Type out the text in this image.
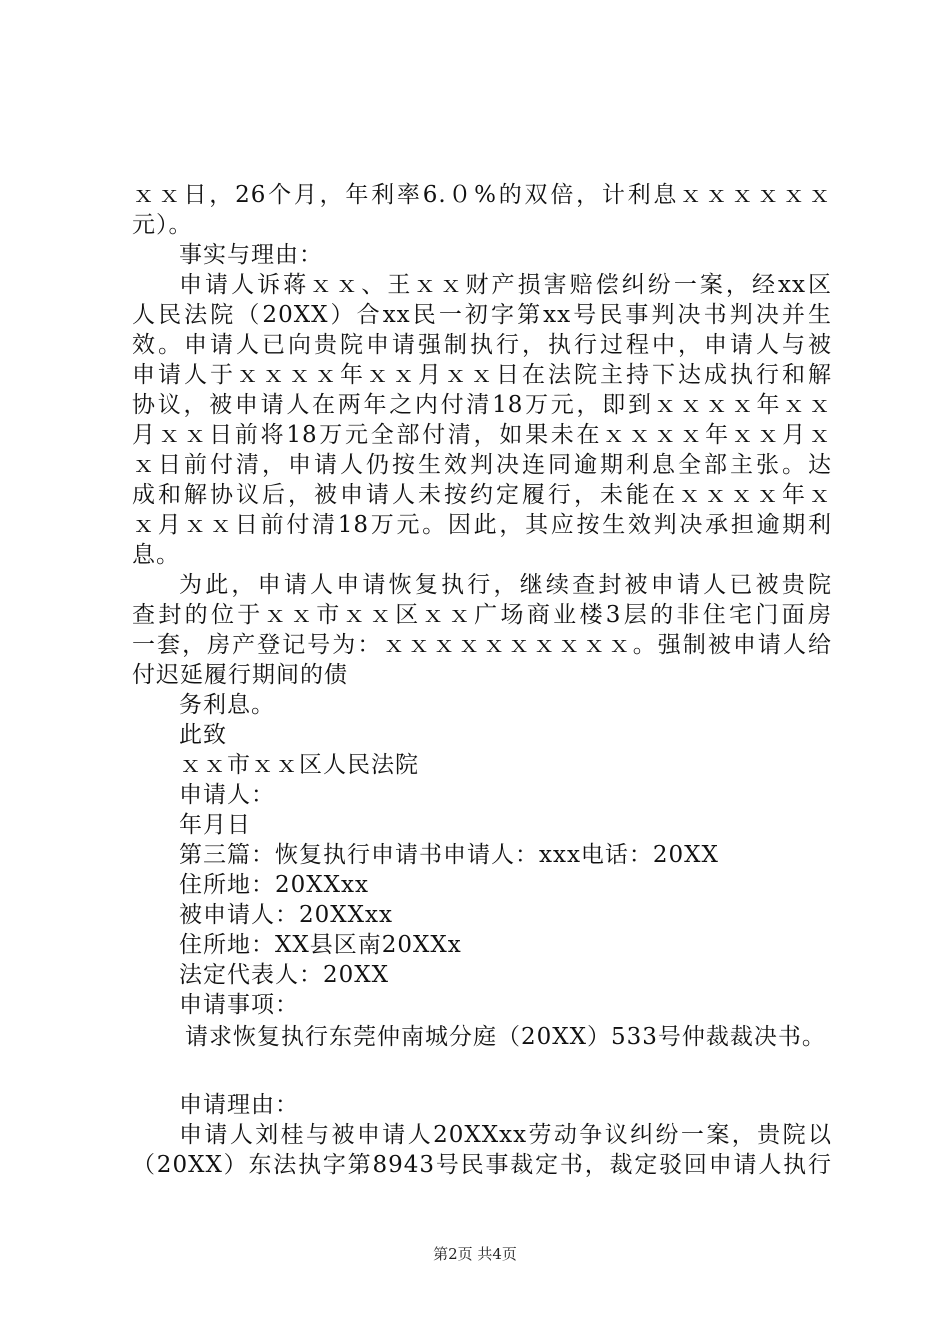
ｘｘ日，26个月，年利率6.０%的双倍，计利息ｘｘｘｘｘｘ
元）。
事实与理由：
申请人诉蒋ｘｘ、王ｘｘ财产损害赔偿纠纷一案，经xx区
人民法院（20XX）合xx民一初字第xx号民事判决书判决并生
效。申请人已向贵院申请强制执行，执行过程中，申请人与被
申请人于ｘｘｘｘ年ｘｘ月ｘｘ日在法院主持下达成执行和解
协议，被申请人在两年之内付清18万元，即到ｘｘｘｘ年ｘｘ
月ｘｘ日前将18万元全部付清，如果未在ｘｘｘｘ年ｘｘ月ｘ
ｘ日前付清，申请人仍按生效判决连同逾期利息全部主张。达
成和解协议后，被申请人未按约定履行，未能在ｘｘｘｘ年ｘ
ｘ月ｘｘ日前付清18万元。因此，其应按生效判决承担逾期利
息。
为此，申请人申请恢复执行，继续查封被申请人已被贵院
查封的位于ｘｘ市ｘｘ区ｘｘ广场商业楼3层的非住宅门面房
一套，房产登记号为：ｘｘｘｘｘｘｘｘｘｘ。强制被申请人给
付迟延履行期间的债
务利息。
此致
ｘｘ市ｘｘ区人民法院
申请人：
年月日
第三篇：恢复执行申请书申请人：xxx电话：20XX
住所地：20XXxx
被申请人：20XXxx
住所地：XX县区南20XXx
法定代表人：20XX
申请事项：
请求恢复执行东莞仲南城分庭（20XX）533号仲裁裁决书。
申请理由：
申请人刘桂与被申请人20XXxx劳动争议纠纷一案，贵院以
（20XX）东法执字第8943号民事裁定书，裁定驳回申请人执行
第2页 共4页
